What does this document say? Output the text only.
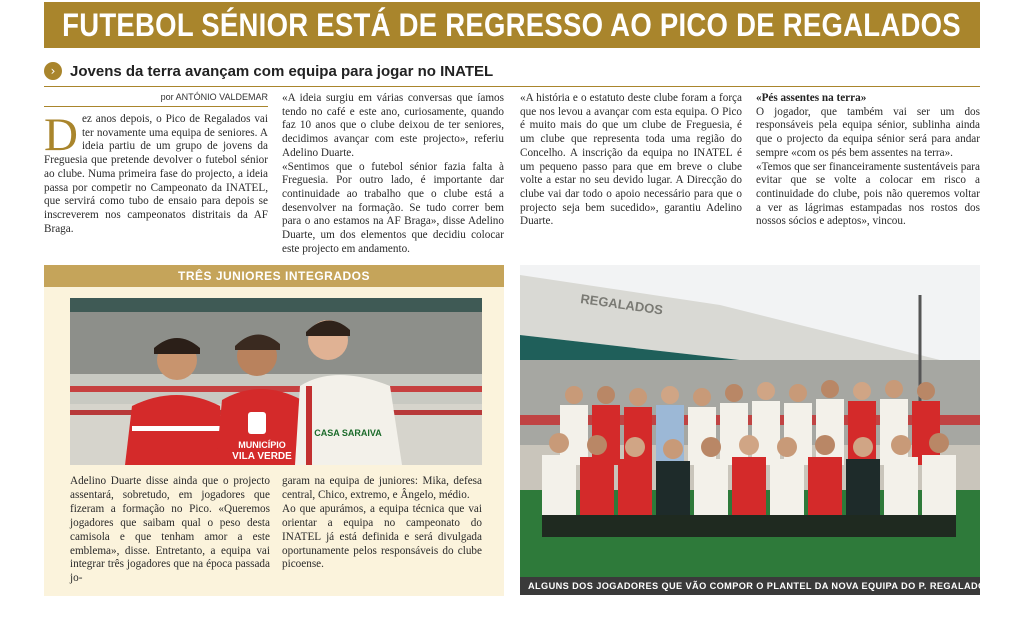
FUTEBOL SÉNIOR ESTÁ DE REGRESSO AO PICO DE REGALADOS
› Jovens da terra avançam com equipa para jogar no INATEL
por ANTÓNIO VALDEMAR
D ez anos depois, o Pico de Regalados vai ter novamente uma equipa de seniores. A ideia partiu de um grupo de jovens da Freguesia que pretende devolver o futebol sénior ao clube. Numa primeira fase do projecto, a ideia passa por competir no Campeonato da INATEL, que servirá como tubo de ensaio para depois se inscreverem nos campeonatos distritais da AF Braga.

«A ideia surgiu em várias conversas que íamos tendo no café e este ano, curiosamente, quando faz 10 anos que o clube deixou de ter seniores, decidimos avançar com este projecto», referiu Adelino Duarte.

«Sentimos que o futebol sénior fazia falta à Freguesia. Por outro lado, é importante dar continuidade ao trabalho que o clube está a desenvolver na formação. Se tudo correr bem para o ano estamos na AF Braga», disse Adelino Duarte, um dos elementos que decidiu colocar este projecto em andamento.

«A história e o estatuto deste clube foram a força que nos levou a avançar com esta equipa. O Pico é muito mais do que um clube de Freguesia, é um clube que representa toda uma região do Concelho. A inscrição da equipa no INATEL é um pequeno passo para que em breve o clube volte a estar no seu devido lugar. A Direcção do clube vai dar todo o apoio necessário para que o projecto seja bem sucedido», garantiu Adelino Duarte.

«Pés assentes na terra»

O jogador, que também vai ser um dos responsáveis pela equipa sénior, sublinha ainda que o projecto da equipa sénior será para andar sempre «com os pés bem assentes na terra».

«Temos que ser financeiramente sustentáveis para evitar que se volte a colocar em risco a continuidade do clube, pois não queremos voltar a ver as lágrimas estampadas nos rostos dos nossos sócios e adeptos», vincou.

TRÊS JUNIORES INTEGRADOS
MUNICÍPIO
VILA VERDE
CASA SARAIVA

Adelino Duarte disse ainda que o projecto assentará, sobretudo, em jogadores que fizeram a formação no Pico. «Queremos jogadores que saibam qual o peso desta camisola e que tenham amor a este emblema», disse. Entretanto, a equipa vai integrar três jogadores que na época passada jo-

garam na equipa de juniores: Mika, defesa central, Chico, extremo, e Ângelo, médio.

Ao que apurámos, a equipa técnica que vai orientar a equipa no campeonato do INATEL já está definida e será divulgada oportunamente pelos responsáveis do clube picoense.

REGALADOS
ALGUNS DOS JOGADORES QUE VÃO COMPOR O PLANTEL DA NOVA EQUIPA DO P. REGALADOS
